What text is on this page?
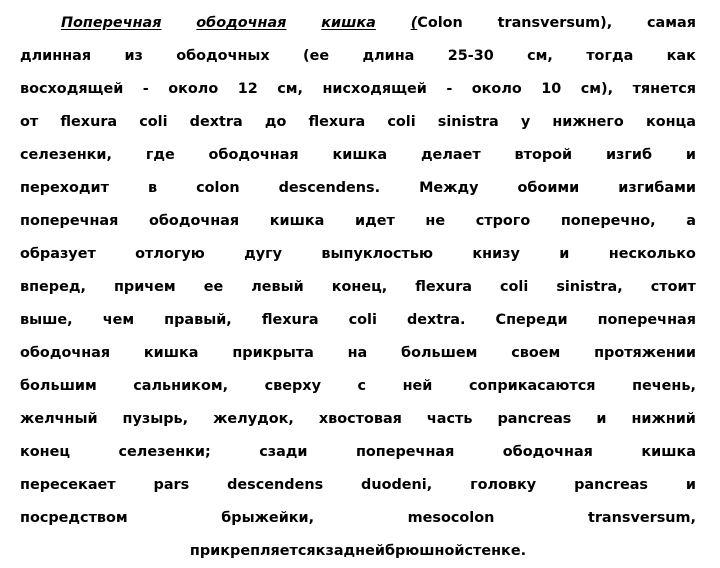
Поперечная ободочная кишка (Colon transversum), самая
длинная из ободочных (ее длина 25-30 см, тогда как
восходящей - около 12 см, нисходящей - около 10 см), тянется
от flexura coli dextra до flexura coli sinistra у нижнего конца
селезенки, где ободочная кишка делает второй изгиб и
переходит	в	colon	descendens.	Между	обоими	изгибами
поперечная ободочная кишка идет не строго поперечно, а
образует	отлогую	дугу	выпуклостью	книзу	и	несколько
вперед, причем ее левый конец, flexura coli sinistra, стоит
выше, чем правый, flexura coli dextra. Спереди поперечная
ободочная кишка прикрыта на большем своем протяжении
большим	сальником,	сверху	с	ней	соприкасаются	печень,
желчный пузырь, желудок, хвостовая часть pancreas и нижний
конец	селезенки;	сзади	поперечная	ободочная	кишка
пересекает	pars	descendens	duodeni,	головку	pancreas	и
посредством	брыжейки,	mesocolon	transversum,
прикрепляется к задней брюшной стенке.
